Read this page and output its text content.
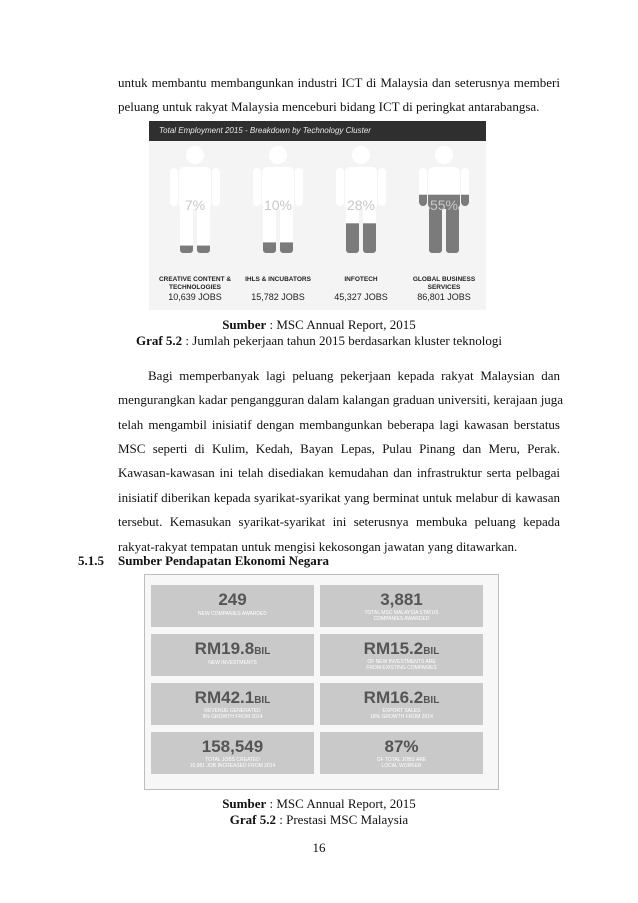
untuk membantu membangunkan industri ICT di Malaysia dan seterusnya memberi
peluang untuk rakyat Malaysia menceburi bidang ICT di peringkat antarabangsa.
Total Employment 2015 - Breakdown by Technology Cluster
7%
CREATIVE CONTENT &
TECHNOLOGIES
10,639 JOBS
10%
IHLS & INCUBATORS

15,782 JOBS
28%
INFOTECH

45,327 JOBS
55%
GLOBAL BUSINESS
SERVICES
86,801 JOBS
Sumber : MSC Annual Report, 2015
Graf 5.2 : Jumlah pekerjaan tahun 2015 berdasarkan kluster teknologi
Bagi memperbanyak lagi peluang pekerjaan kepada rakyat Malaysian dan
mengurangkan kadar pengangguran dalam kalangan graduan universiti, kerajaan juga
telah mengambil inisiatif dengan membangunkan beberapa lagi kawasan berstatus
MSC seperti di Kulim, Kedah, Bayan Lepas, Pulau Pinang dan Meru, Perak.
Kawasan-kawasan ini telah disediakan kemudahan dan infrastruktur serta pelbagai
inisiatif diberikan kepada syarikat-syarikat yang berminat untuk melabur di kawasan
tersebut. Kemasukan syarikat-syarikat ini seterusnya membuka peluang kepada
rakyat-rakyat tempatan untuk mengisi kekosongan jawatan yang ditawarkan.
5.1.5 Sumber Pendapatan Ekonomi Negara
249
NEW COMPANIES AWARDED
3,881
TOTAL MSC MALAYSIA STATUS
COMPANIES AWARDED
RM19.8BIL
NEW INVESTMENTS
RM15.2BIL
OF NEW INVESTMENTS ARE
FROM EXISTING COMPANIES
RM42.1BIL
REVENUE GENERATED
9% GROWTH FROM 2014
RM16.2BIL
EXPORT SALES
18% GROWTH FROM 2014
158,549
TOTAL JOBS CREATED
10,981 JOB INCREASED FROM 2014
87%
OF TOTAL JOBS ARE
LOCAL WORKER
Sumber : MSC Annual Report, 2015
Graf 5.2 : Prestasi MSC Malaysia
16
